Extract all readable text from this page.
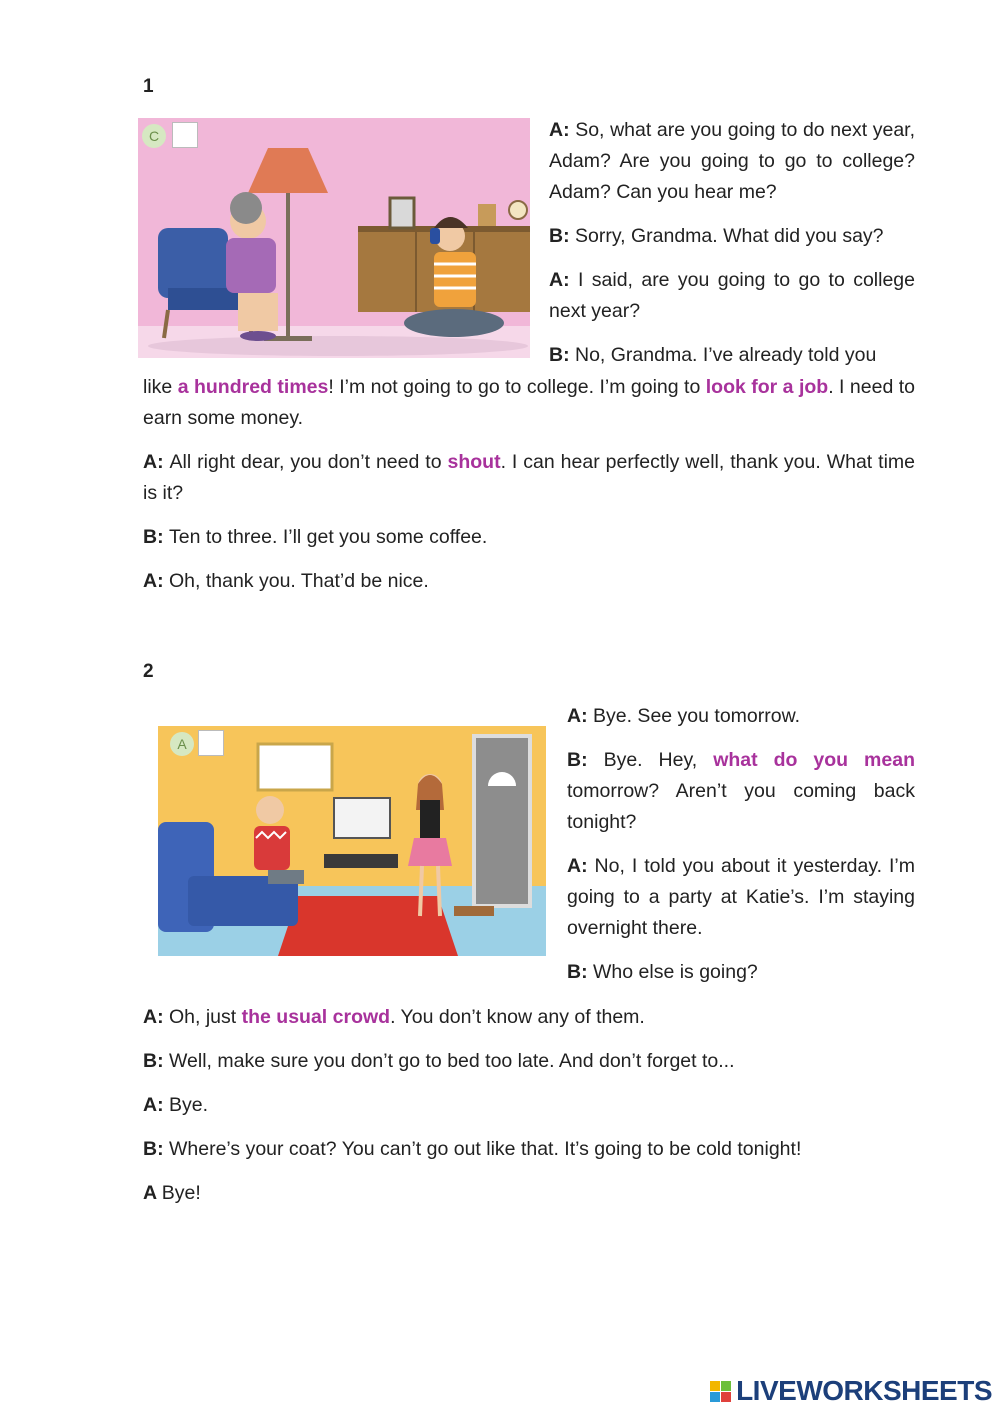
1
C	A: So, what are you going to do next year, Adam? Are you going to go to college? Adam? Can you hear me?

B: Sorry, Grandma. What did you say?

A: I said, are you going to go to college next year?

B: No, Grandma. I’ve already told you

like a hundred times! I’m not going to go to college. I’m going to look for a job. I need to earn some money.

A: All right dear, you don’t need to shout. I can hear perfectly well, thank you. What time is it?

B: Ten to three. I’ll get you some coffee.

A: Oh, thank you. That’d be nice.

2
A

A: Bye. See you tomorrow.

B: Bye. Hey, what do you mean tomorrow? Aren’t you coming back tonight?

A: No, I told you about it yesterday. I’m going to a party at Katie’s. I’m staying overnight there.

B: Who else is going?

A: Oh, just the usual crowd. You don’t know any of them.

B: Well, make sure you don’t go to bed too late. And don’t forget to...

A: Bye.

B: Where’s your coat? You can’t go out like that. It’s going to be cold tonight!

A Bye!

LIVEWORKSHEETS
